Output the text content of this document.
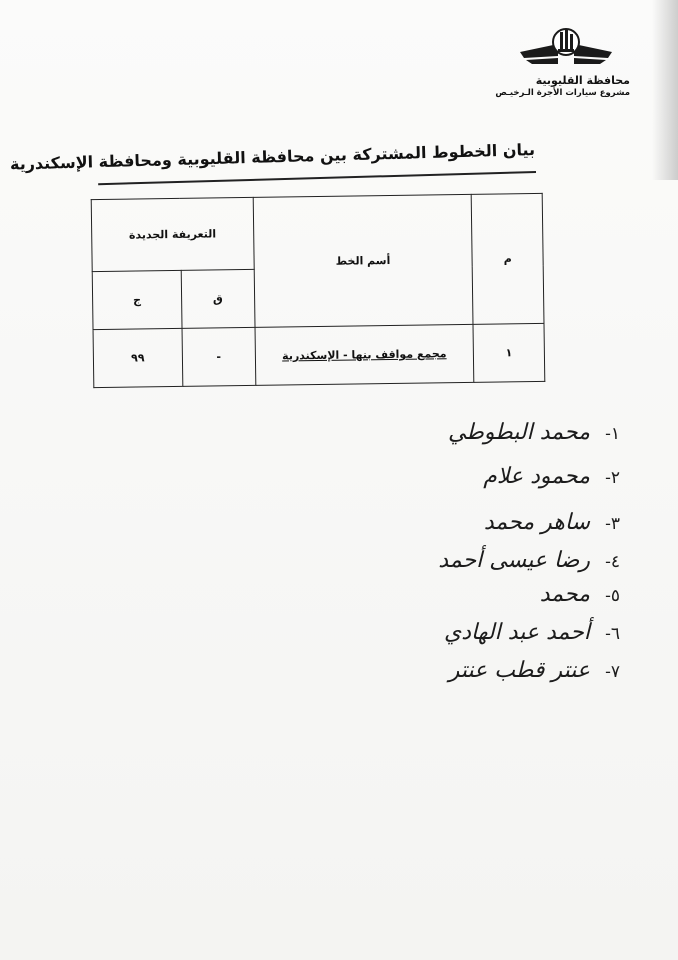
محافظة القليوبية
مشروع سيارات الأجرة الـرخيـص
بيان الخطوط المشتركة بين محافظة القليوبية ومحافظة الإسكندرية
م	أسم الخط	التعريفة الجديدة	
		ق	ج
١	مجمع مواقف بنها - الإسكندرية	-	٩٩
١-محمد البطوطي
٢-محمود علام
٣-ساهر محمد
٤-رضا عيسى أحمد
٥-محمد
٦-أحمد عبد الهادي
٧-عنتر قطب عنتر
